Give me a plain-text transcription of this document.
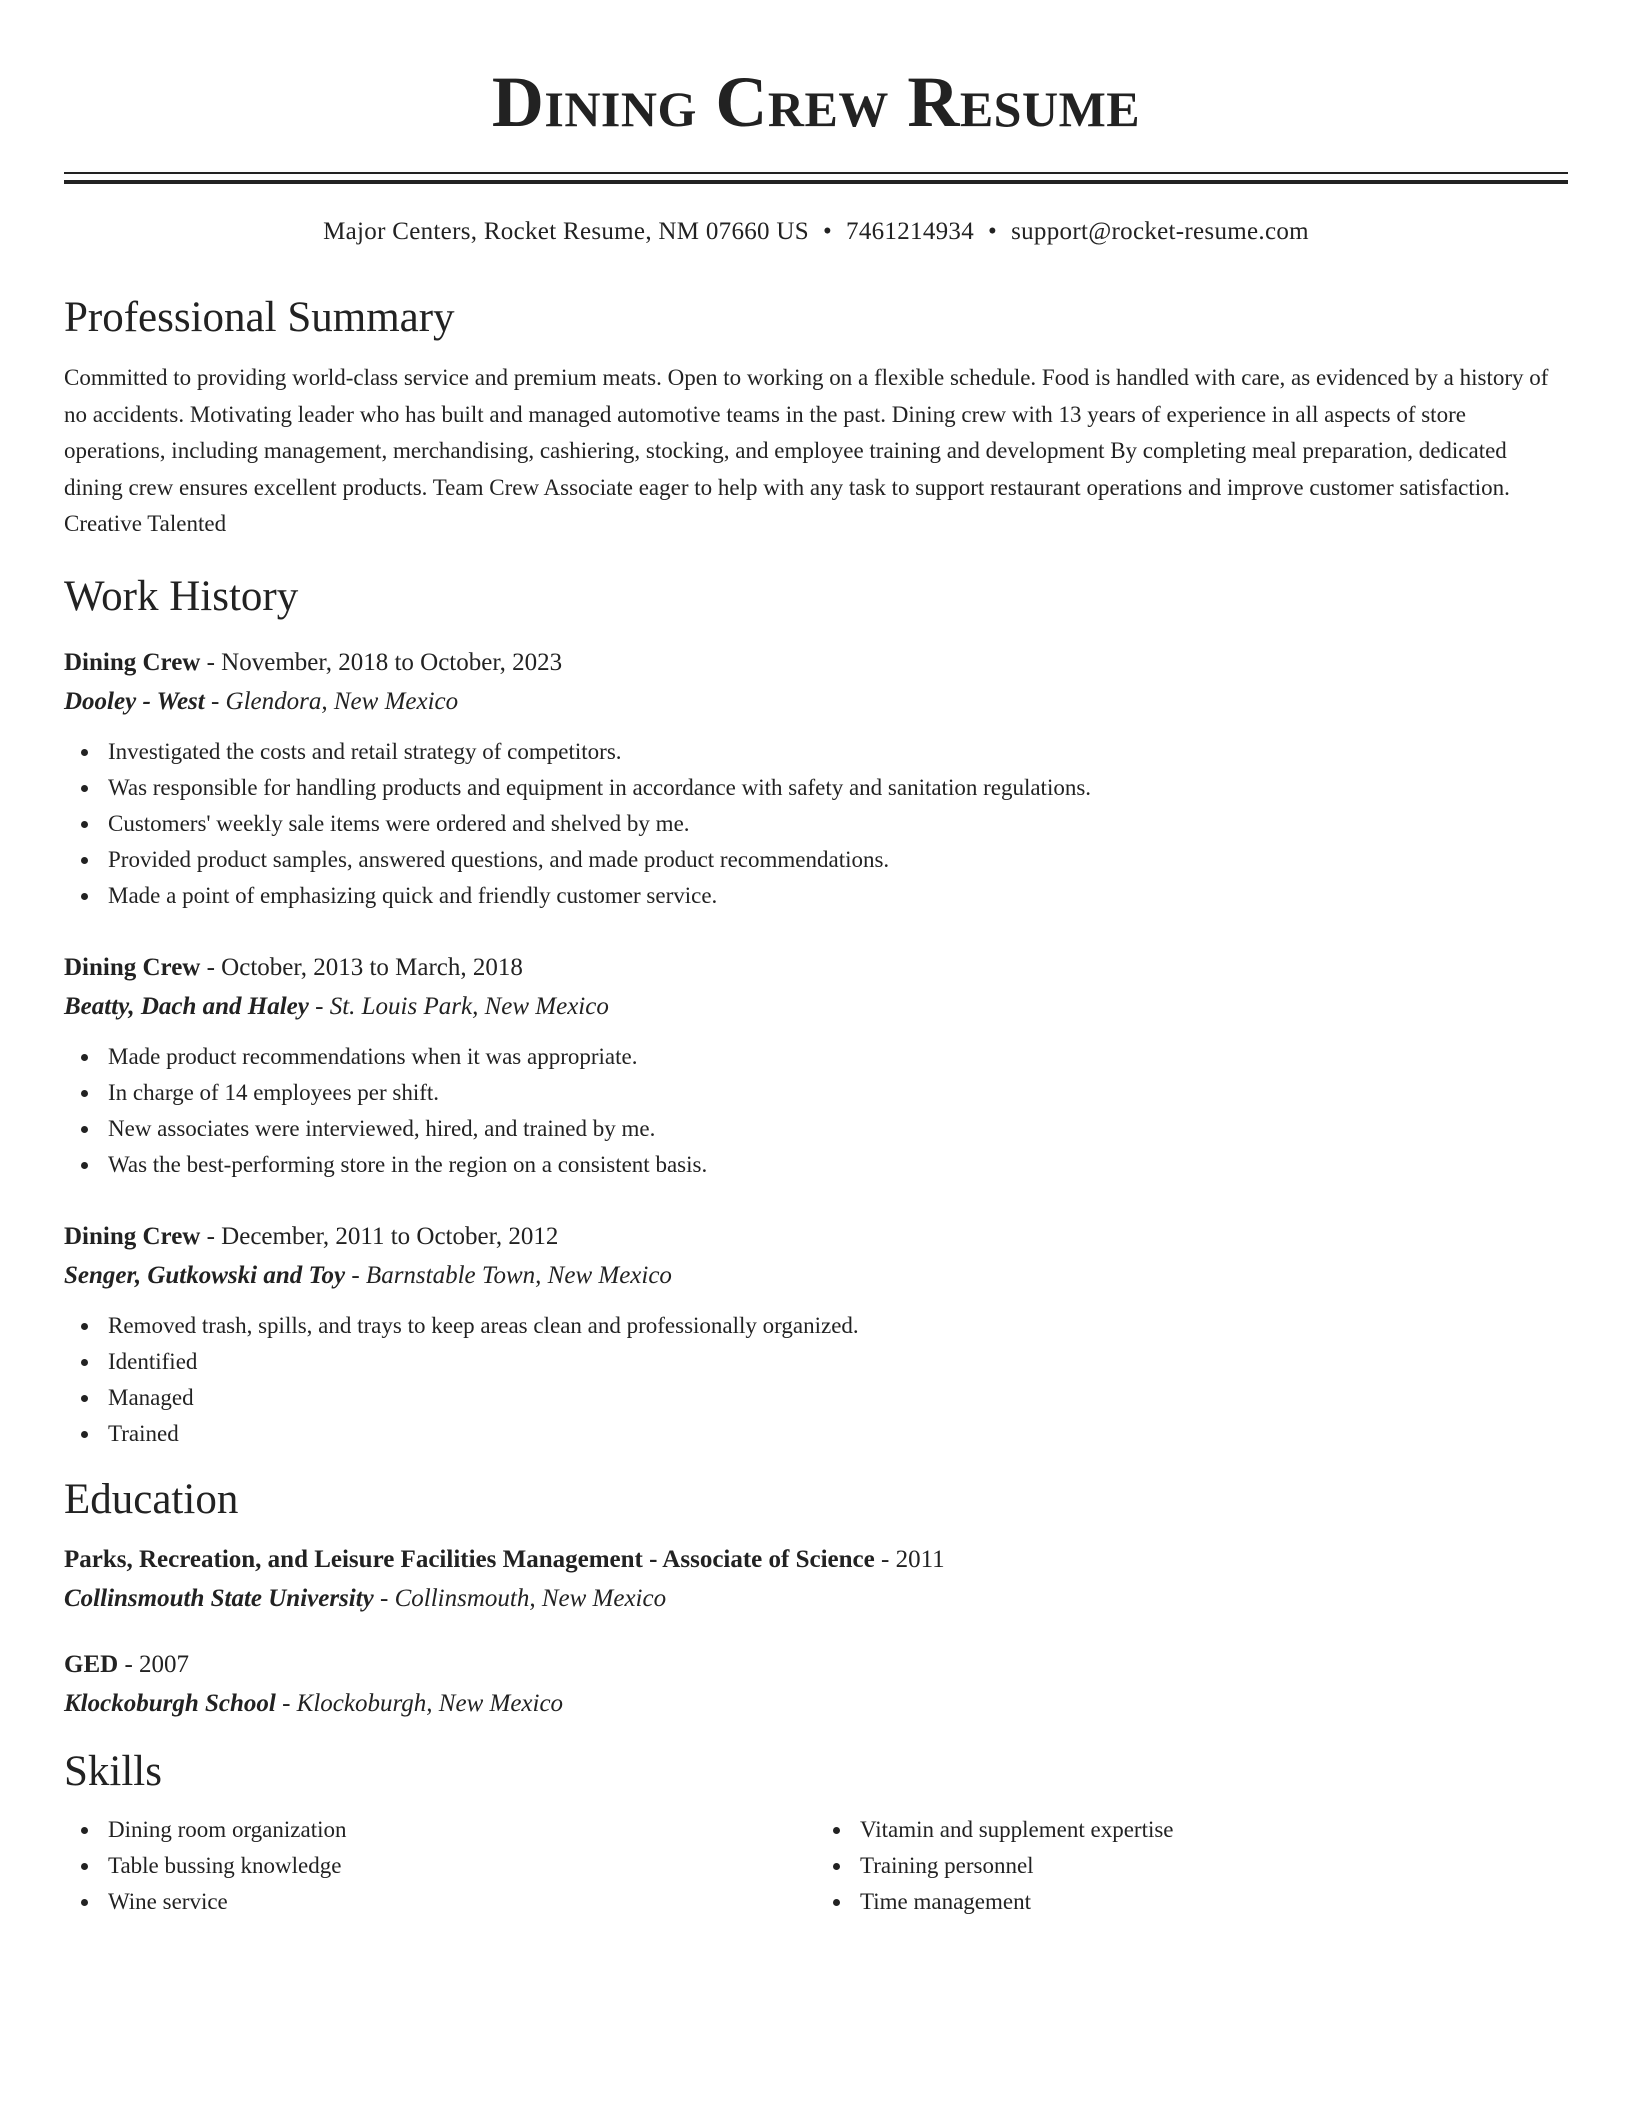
Dining Crew Resume
Major Centers, Rocket Resume, NM 07660 US • 7461214934 • support@rocket-resume.com
Professional Summary

Committed to providing world-class service and premium meats. Open to working on a flexible schedule. Food is handled with care, as evidenced by a history of no accidents. Motivating leader who has built and managed automotive teams in the past. Dining crew with 13 years of experience in all aspects of store operations, including management, merchandising, cashiering, stocking, and employee training and development By completing meal preparation, dedicated dining crew ensures excellent products. Team Crew Associate eager to help with any task to support restaurant operations and improve customer satisfaction. Creative Talented

Work History
Dining Crew - November, 2018 to October, 2023
Dooley - West - Glendora, New Mexico
Investigated the costs and retail strategy of competitors.
Was responsible for handling products and equipment in accordance with safety and sanitation regulations.
Customers' weekly sale items were ordered and shelved by me.
Provided product samples, answered questions, and made product recommendations.
Made a point of emphasizing quick and friendly customer service.
Dining Crew - October, 2013 to March, 2018
Beatty, Dach and Haley - St. Louis Park, New Mexico
Made product recommendations when it was appropriate.
In charge of 14 employees per shift.
New associates were interviewed, hired, and trained by me.
Was the best-performing store in the region on a consistent basis.
Dining Crew - December, 2011 to October, 2012
Senger, Gutkowski and Toy - Barnstable Town, New Mexico
Removed trash, spills, and trays to keep areas clean and professionally organized.
Identified
Managed
Trained
Education
Parks, Recreation, and Leisure Facilities Management - Associate of Science - 2011
Collinsmouth State University - Collinsmouth, New Mexico
GED - 2007
Klockoburgh School - Klockoburgh, New Mexico
Skills
Dining room organization
Table bussing knowledge
Wine service
Vitamin and supplement expertise
Training personnel
Time management
